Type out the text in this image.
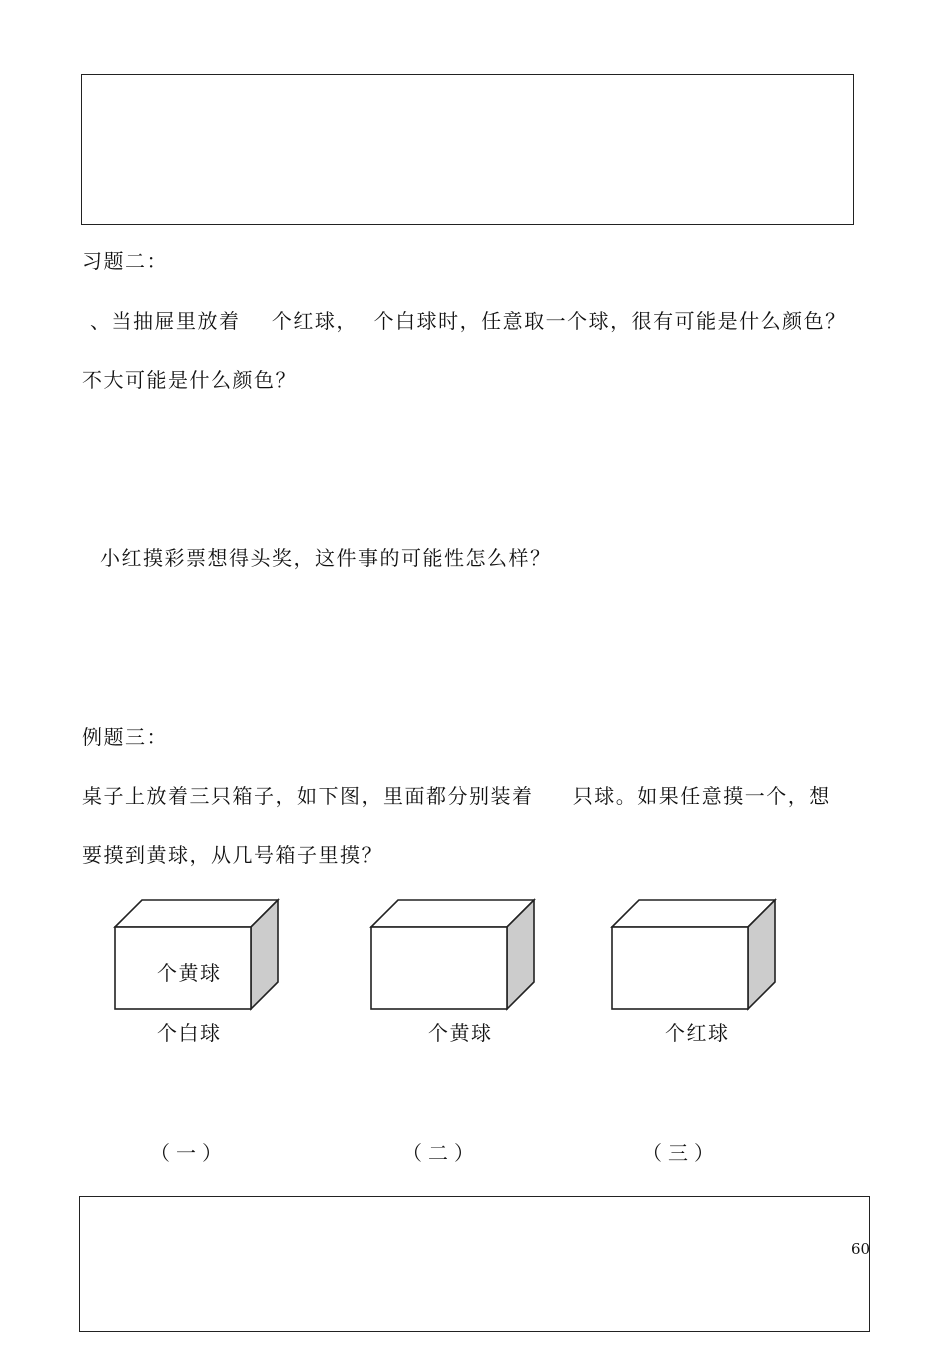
习题二：
、当抽屉里放着    个红球，  个白球时，任意取一个球，很有可能是什么颜色？
不大可能是什么颜色？
小红摸彩票想得头奖，这件事的可能性怎么样？
例题三：
桌子上放着三只箱子，如下图，里面都分别装着     只球。如果任意摸一个，想
要摸到黄球，从几号箱子里摸？
个黄球
个白球	个黄球	个红球
（一）	（二）	（三）
60
